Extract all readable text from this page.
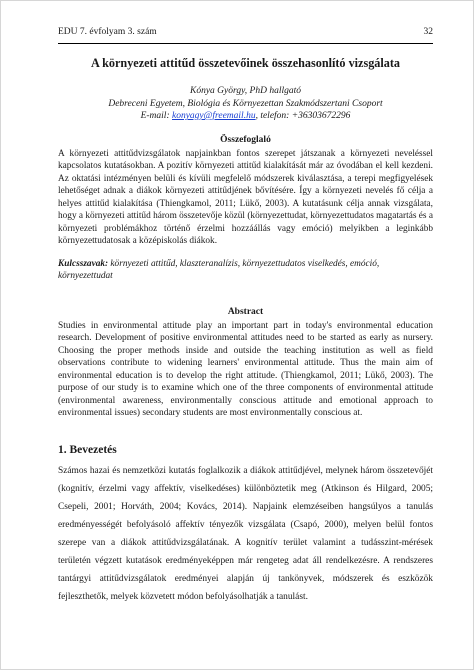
EDU 7. évfolyam 3. szám	32
A környezeti attitűd összetevőinek összehasonlító vizsgálata
Kónya György, PhD hallgató
Debreceni Egyetem, Biológia és Környezettan Szakmódszertani Csoport
E-mail: konyagy@freemail.hu, telefon: +36303672296
Összefoglaló

A környezeti attitűdvizsgálatok napjainkban fontos szerepet játszanak a környezeti neveléssel kapcsolatos kutatásokban. A pozitív környezeti attitűd kialakítását már az óvodában el kell kezdeni. Az oktatási intézményen belüli és kívüli megfelelő módszerek kiválasztása, a terepi megfigyelések lehetőséget adnak a diákok környezeti attitűdjének bővítésére. Így a környezeti nevelés fő célja a helyes attitűd kialakítása (Thiengkamol, 2011; Lükő, 2003). A kutatásunk célja annak vizsgálata, hogy a környezeti attitűd három összetevője közül (környezettudat, környezettudatos magatartás és a környezeti problémákhoz történő érzelmi hozzáállás vagy emóció) melyikben a leginkább környezettudatosak a középiskolás diákok.

Kulcsszavak: környezeti attitűd, klaszteranalízis, környezettudatos viselkedés, emóció, környezettudat
Abstract

Studies in environmental attitude play an important part in today's environmental education research. Development of positive environmental attitudes need to be started as early as nursery. Choosing the proper methods inside and outside the teaching institution as well as field observations contribute to widening learners' environmental attitude. Thus the main aim of environmental education is to develop the right attitude. (Thiengkamol, 2011; Lükő, 2003). The purpose of our study is to examine which one of the three components of environmental attitude (environmental awareness, environmentally conscious attitude and emotional approach to environmental issues) secondary students are most environmentally conscious at.

1. Bevezetés

Számos hazai és nemzetközi kutatás foglalkozik a diákok attitűdjével, melynek három összetevőjét (kognitív, érzelmi vagy affektív, viselkedéses) különböztetik meg (Atkinson és Hilgard, 2005; Csepeli, 2001; Horváth, 2004; Kovács, 2014). Napjaink elemzéseiben hangsúlyos a tanulás eredményességét befolyásoló affektív tényezők vizsgálata (Csapó, 2000), melyen belül fontos szerepe van a diákok attitűdvizsgálatának. A kognitív terület valamint a tudásszint-mérések területén végzett kutatások eredményeképpen már rengeteg adat áll rendelkezésre. A rendszeres tantárgyi attitűdvizsgálatok eredményei alapján új tankönyvek, módszerek és eszközök fejleszthetők, melyek közvetett módon befolyásolhatják a tanulást.
